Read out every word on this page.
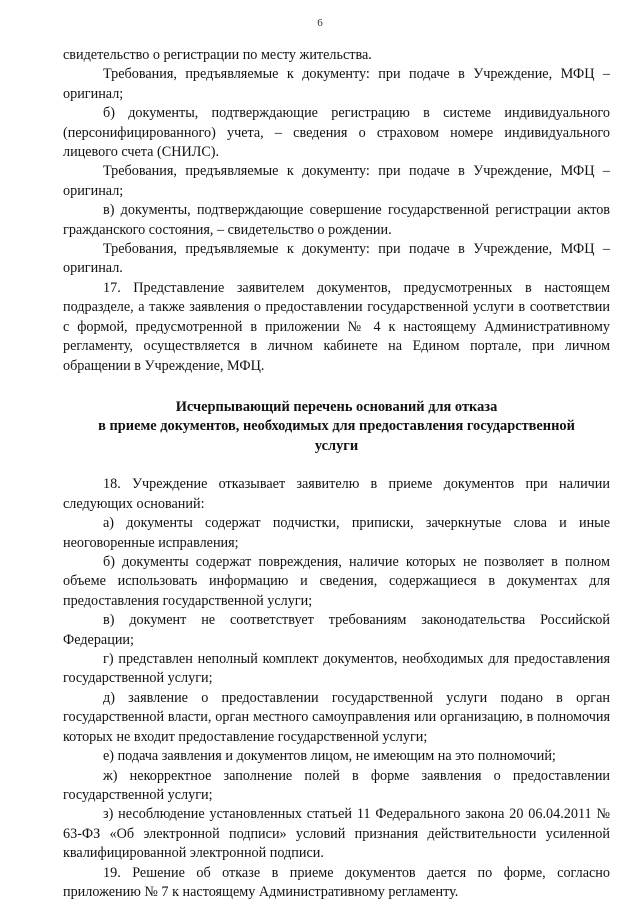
6

свидетельство о регистрации по месту жительства.

Требования, предъявляемые к документу: при подаче в Учреждение, МФЦ – оригинал;

б) документы, подтверждающие регистрацию в системе индивидуального (персонифицированного) учета, – сведения о страховом номере индивидуального лицевого счета (СНИЛС).

Требования, предъявляемые к документу: при подаче в Учреждение, МФЦ – оригинал;

в) документы, подтверждающие совершение государственной регистрации актов гражданского состояния, – свидетельство о рождении.

Требования, предъявляемые к документу: при подаче в Учреждение, МФЦ – оригинал.

17. Представление заявителем документов, предусмотренных в настоящем подразделе, а также заявления о предоставлении государственной услуги в соответствии с формой, предусмотренной в приложении № 4 к настоящему Административному регламенту, осуществляется в личном кабинете на Едином портале, при личном обращении в Учреждение, МФЦ.

Исчерпывающий перечень оснований для отказа
в приеме документов, необходимых для предоставления государственной
услуги

18. Учреждение отказывает заявителю в приеме документов при наличии следующих оснований:

а) документы содержат подчистки, приписки, зачеркнутые слова и иные неоговоренные исправления;

б) документы содержат повреждения, наличие которых не позволяет в полном объеме использовать информацию и сведения, содержащиеся в документах для предоставления государственной услуги;

в) документ не соответствует требованиям законодательства Российской Федерации;

г) представлен неполный комплект документов, необходимых для предоставления государственной услуги;

д) заявление о предоставлении государственной услуги подано в орган государственной власти, орган местного самоуправления или организацию, в полномочия которых не входит предоставление государственной услуги;

е) подача заявления и документов лицом, не имеющим на это полномочий;

ж) некорректное заполнение полей в форме заявления о предоставлении государственной услуги;

з) несоблюдение установленных статьей 11 Федерального закона 20 06.04.2011 № 63-ФЗ «Об электронной подписи» условий признания действительности усиленной квалифицированной электронной подписи.

19. Решение об отказе в приеме документов дается по форме, согласно приложению № 7 к настоящему Административному регламенту.
